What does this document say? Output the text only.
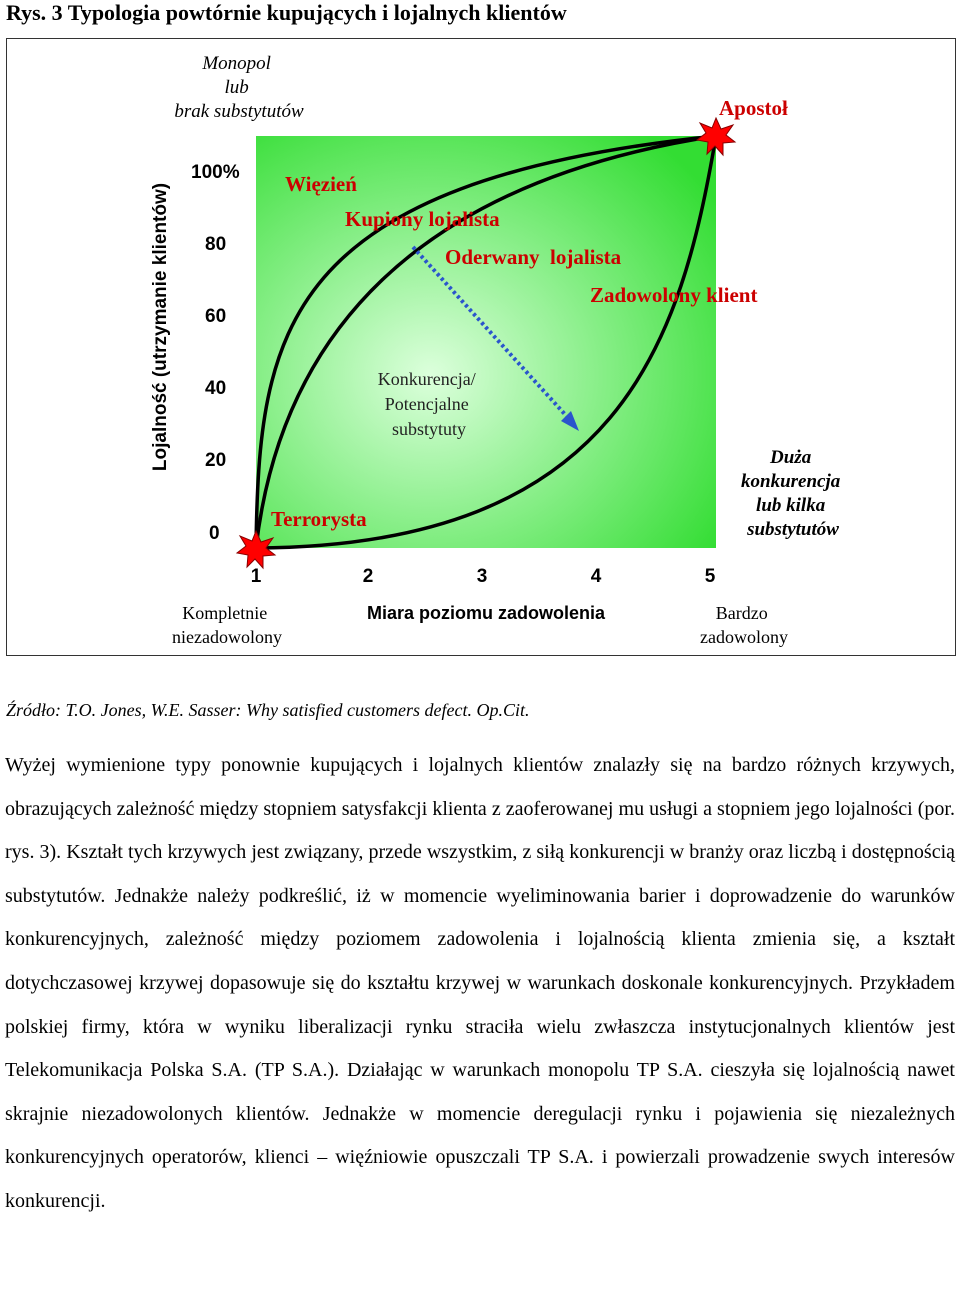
Rys. 3 Typologia powtórnie kupujących i lojalnych klientów
Monopol lub brak substytutów	Apostoł
Lojalność (utrzymanie klientów)
100%
80
60
40
20
0
1	2	3	4	5
Miara poziomu zadowolenia
Kompletnie niezadowolony
Bardzo zadowolony
Duża konkurencja lub kilka substytutów
Więzień
Kupiony lojalista
Oderwany  lojalista
Zadowolony klient
Terrorysta
Konkurencja/ Potencjalne substytuty
Źródło: T.O. Jones, W.E. Sasser: Why satisfied customers defect. Op.Cit.

Wyżej wymienione typy ponownie kupujących i lojalnych klientów znalazły się na bardzo różnych krzywych, obrazujących zależność między stopniem satysfakcji klienta z zaoferowanej mu usługi a stopniem jego lojalności (por. rys. 3). Kształt tych krzywych jest związany, przede wszystkim, z siłą konkurencji w branży oraz liczbą i dostępnością substytutów. Jednakże należy podkreślić, iż w momencie wyeliminowania barier i doprowadzenie do warunków konkurencyjnych, zależność między poziomem zadowolenia i lojalnością klienta zmienia się, a kształt dotychczasowej krzywej dopasowuje się do kształtu krzywej w warunkach doskonale konkurencyjnych. Przykładem polskiej firmy, która w wyniku liberalizacji rynku straciła wielu zwłaszcza instytucjonalnych klientów jest Telekomunikacja Polska S.A. (TP S.A.). Działając w warunkach monopolu TP S.A. cieszyła się lojalnością nawet skrajnie niezadowolonych klientów. Jednakże w momencie deregulacji rynku i pojawienia się niezależnych konkurencyjnych operatorów, klienci – więźniowie opuszczali TP S.A. i powierzali prowadzenie swych interesów konkurencji.
